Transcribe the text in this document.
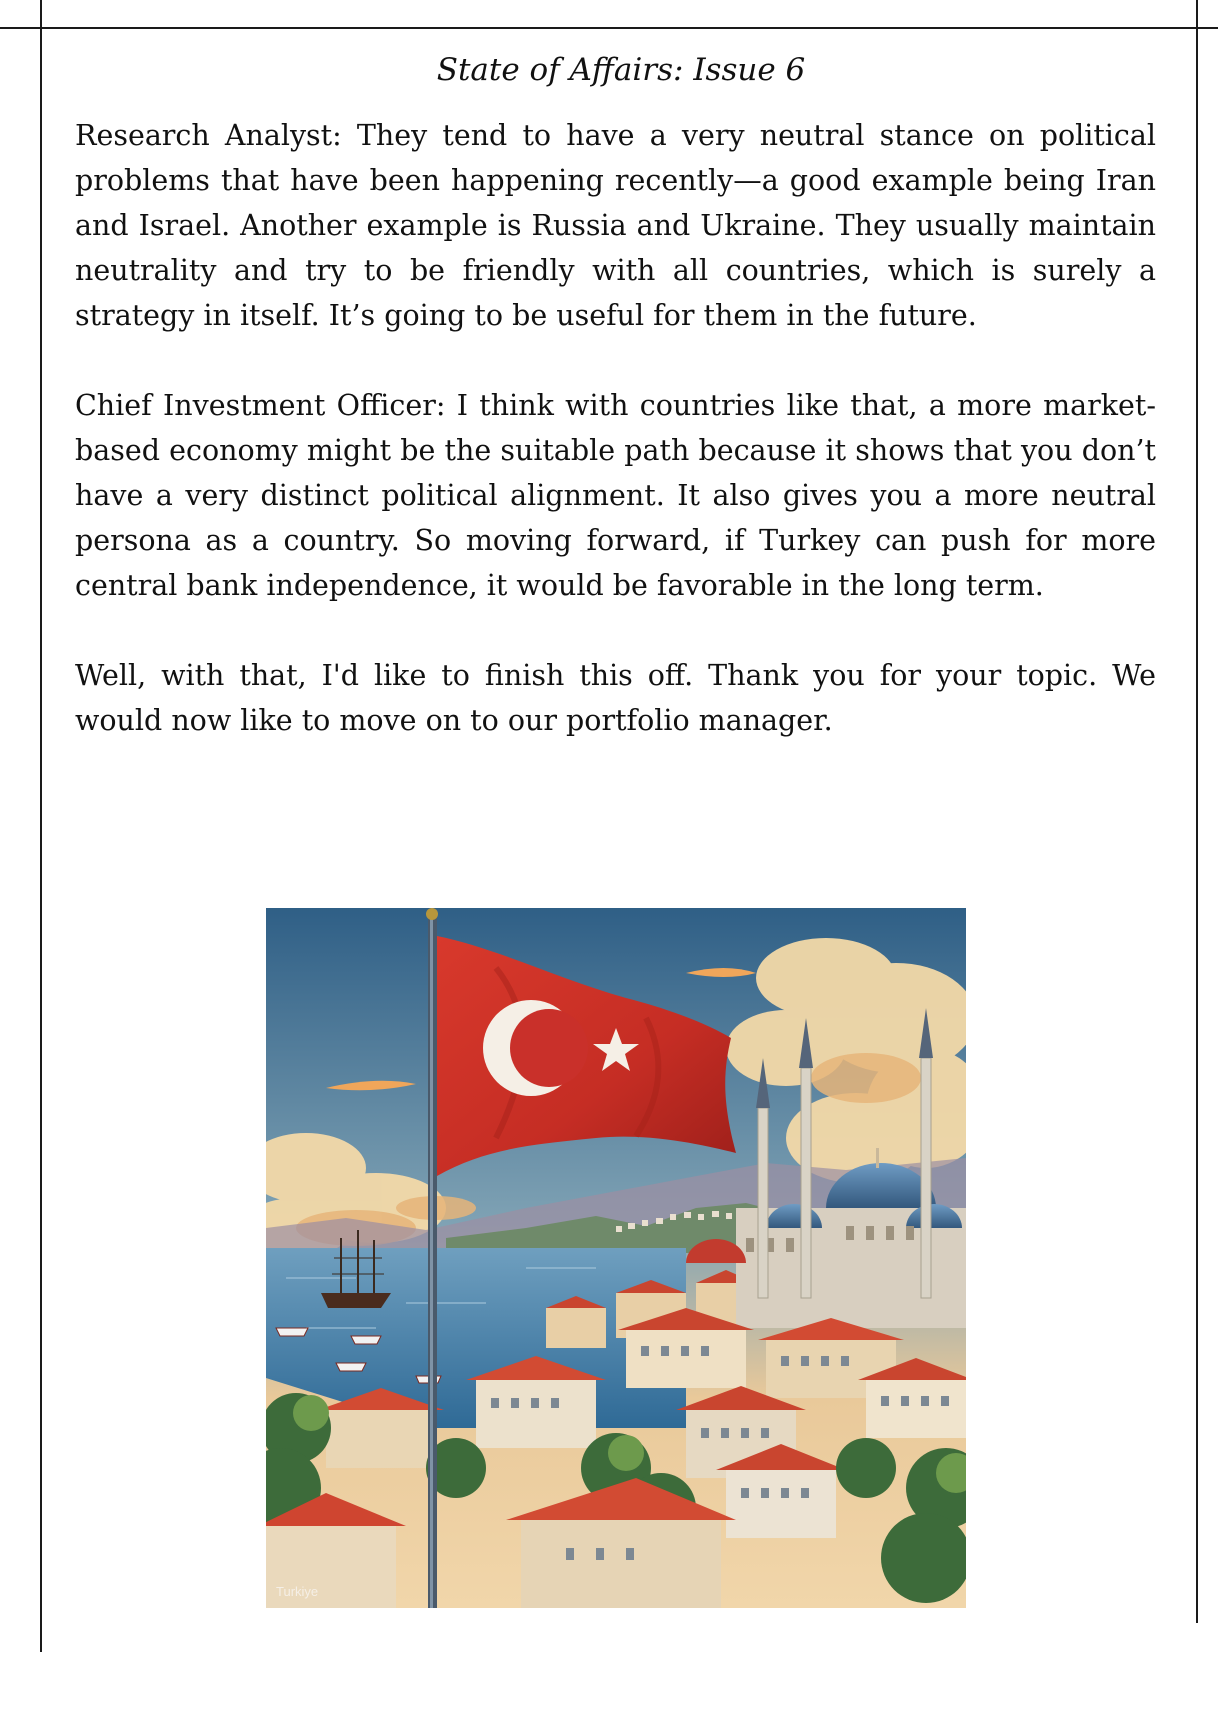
State of Affairs: Issue 6

Research Analyst: They tend to have a very neutral stance on political problems that have been happening recently—a good example being Iran and Israel. Another example is Russia and Ukraine. They usually maintain neutrality and try to be friendly with all countries, which is surely a strategy in itself. It’s going to be useful for them in the future.

Chief Investment Officer: I think with countries like that, a more market-based economy might be the suitable path because it shows that you don’t have a very distinct political alignment. It also gives you a more neutral persona as a country. So moving forward, if Turkey can push for more central bank independence, it would be favorable in the long term.

Well, with that, I'd like to finish this off. Thank you for your topic. We would now like to move on to our portfolio manager.

Turkiye
